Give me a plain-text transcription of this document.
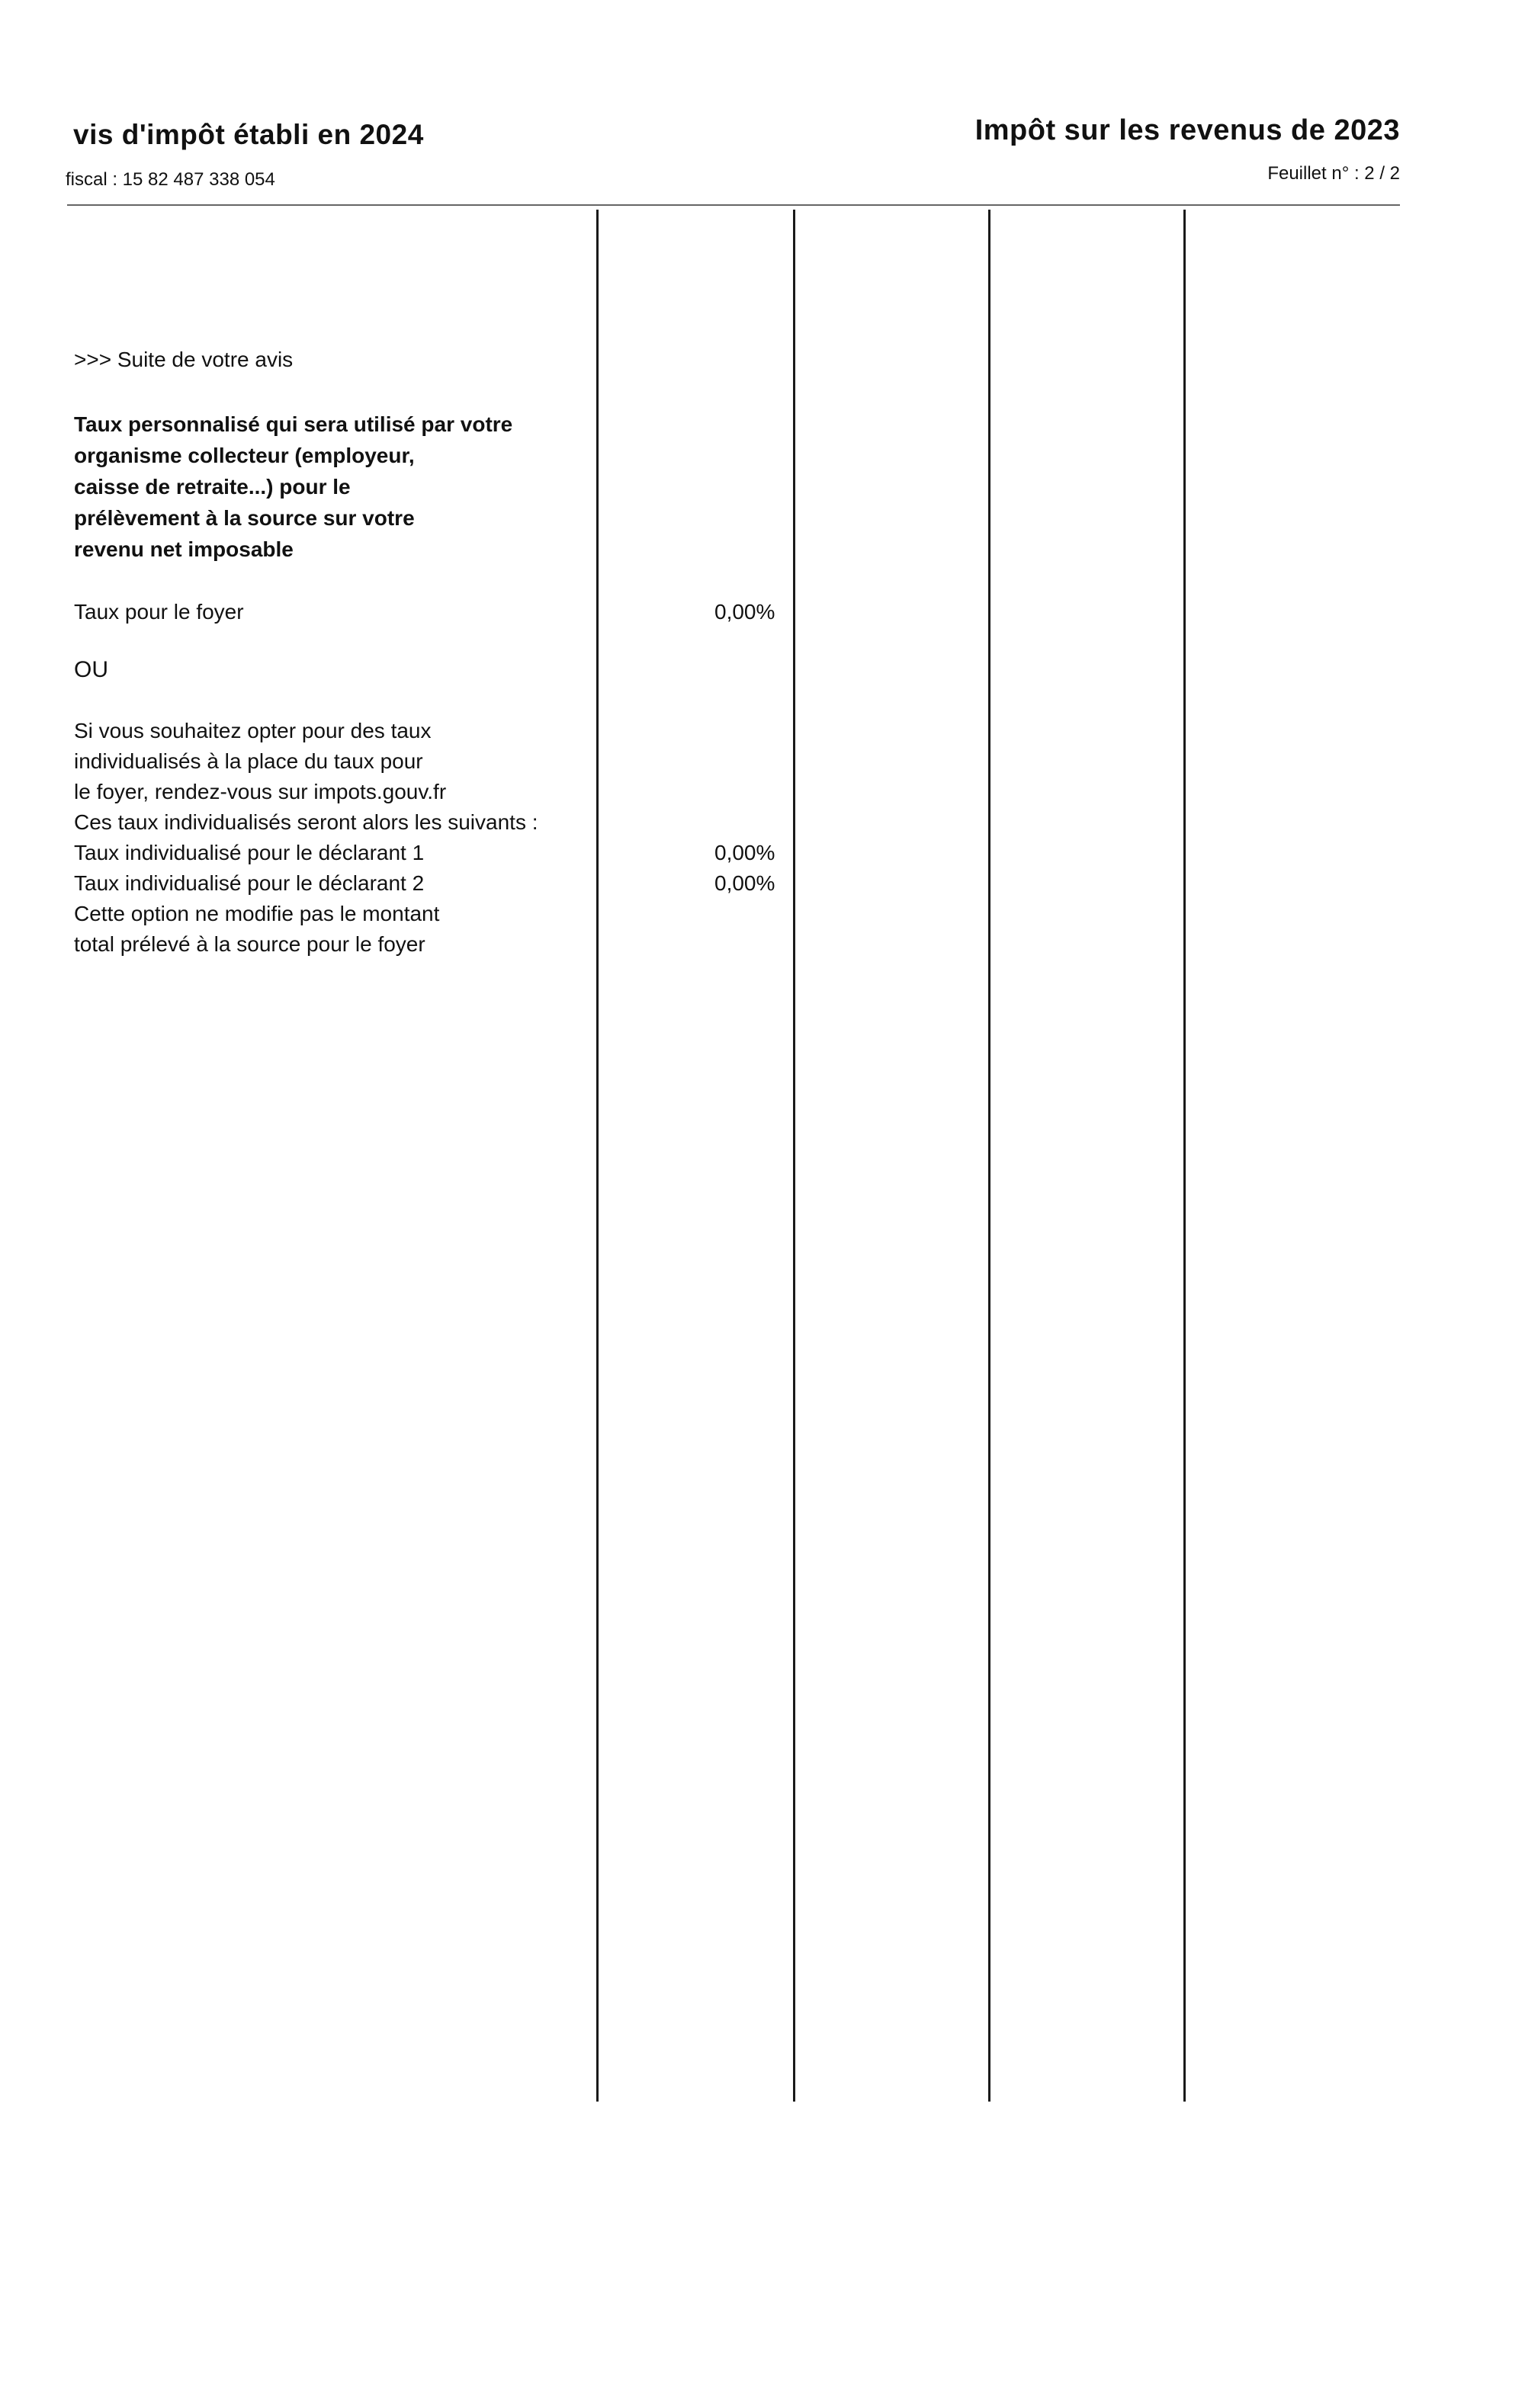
vis d'impôt établi en 2024
fiscal : 15 82 487 338 054
Impôt sur les revenus de 2023
Feuillet n° : 2 / 2
>>> Suite de votre avis
Taux personnalisé qui sera utilisé par votre
organisme collecteur (employeur,
caisse de retraite...) pour le
prélèvement à la source sur votre
revenu net imposable
Taux pour le foyer	0,00%
OU
Si vous souhaitez opter pour des taux
individualisés à la place du taux pour
le foyer, rendez-vous sur impots.gouv.fr
Ces taux individualisés seront alors les suivants :
Taux individualisé pour le déclarant 1	0,00%
Taux individualisé pour le déclarant 2	0,00%
Cette option ne modifie pas le montant
total prélevé à la source pour le foyer
